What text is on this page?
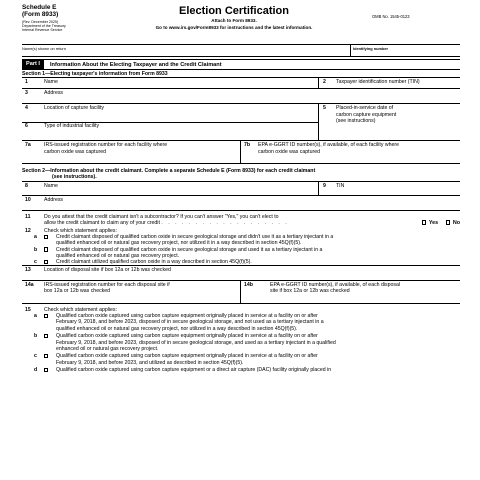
Schedule E
(Form 8933)
(Rev. December 2025)
Department of the Treasury
Internal Revenue Service
Election Certification
Attach to Form 8933.
Go to www.irs.gov/Form8933 for instructions and the latest information.
OMB No. 1545-0123
Name(s) shown on return	Identifying number
Part I	Information About the Electing Taxpayer and the Credit Claimant
Section 1—Electing taxpayer's information from Form 8933
1	Name	2 Taxpayer identification number (TIN)
3	Address
4	Location of capture facility
6	Type of industrial facility
5 Placed-in-service date of
carbon capture equipment
(see instructions)
7a	IRS-issued registration number for each facility where
carbon oxide was captured
7b EPA e-GGRT ID number(s), if available, of each facility where
carbon oxide was captured
Section 2—Information about the credit claimant. Complete a separate Schedule E (Form 8933) for each credit claimant
(see instructions).
8	Name	9 TIN
10	Address
11	Do you attest that the credit claimant isn't a subcontractor? If you can't answer "Yes," you can't elect to
allow the credit claimant to claim any of your credit . . . . . . . . . . . . . . . . . . .	Yes	No
12	Check which statement applies:
a	Credit claimant disposed of qualified carbon oxide in secure geological storage and didn't use it as a tertiary injectant in a
qualified enhanced oil or natural gas recovery project, nor utilized it in a way described in section 45Q(f)(5).
b	Credit claimant disposed of qualified carbon oxide in secure geological storage and used it as a tertiary injectant in a
qualified enhanced oil or natural gas recovery project.
c	Credit claimant utilized qualified carbon oxide in a way described in section 45Q(f)(5).
13	Location of disposal site if box 12a or 12b was checked
14a	IRS-issued registration number for each disposal site if
box 12a or 12b was checked
14b	EPA e-GGRT ID number(s), if available, of each disposal
site if box 12a or 12b was checked
15	Check which statement applies:
a	Qualified carbon oxide captured using carbon capture equipment originally placed in service at a facility on or after
February 9, 2018, and before 2023, disposed of in secure geological storage, and not used as a tertiary injectant in a
qualified enhanced oil or natural gas recovery project, nor utilized in a way described in section 45Q(f)(5).
b	Qualified carbon oxide captured using carbon capture equipment originally placed in service at a facility on or after
February 9, 2018, and before 2023, disposed of in secure geological storage, and used as a tertiary injectant in a qualified
enhanced oil or natural gas recovery project.
c	Qualified carbon oxide captured using carbon capture equipment originally placed in service at a facility on or after
February 9, 2018, and before 2023, and utilized as described in section 45Q(f)(5).
d	Qualified carbon oxide captured using carbon capture equipment or a direct air capture (DAC) facility originally placed in
